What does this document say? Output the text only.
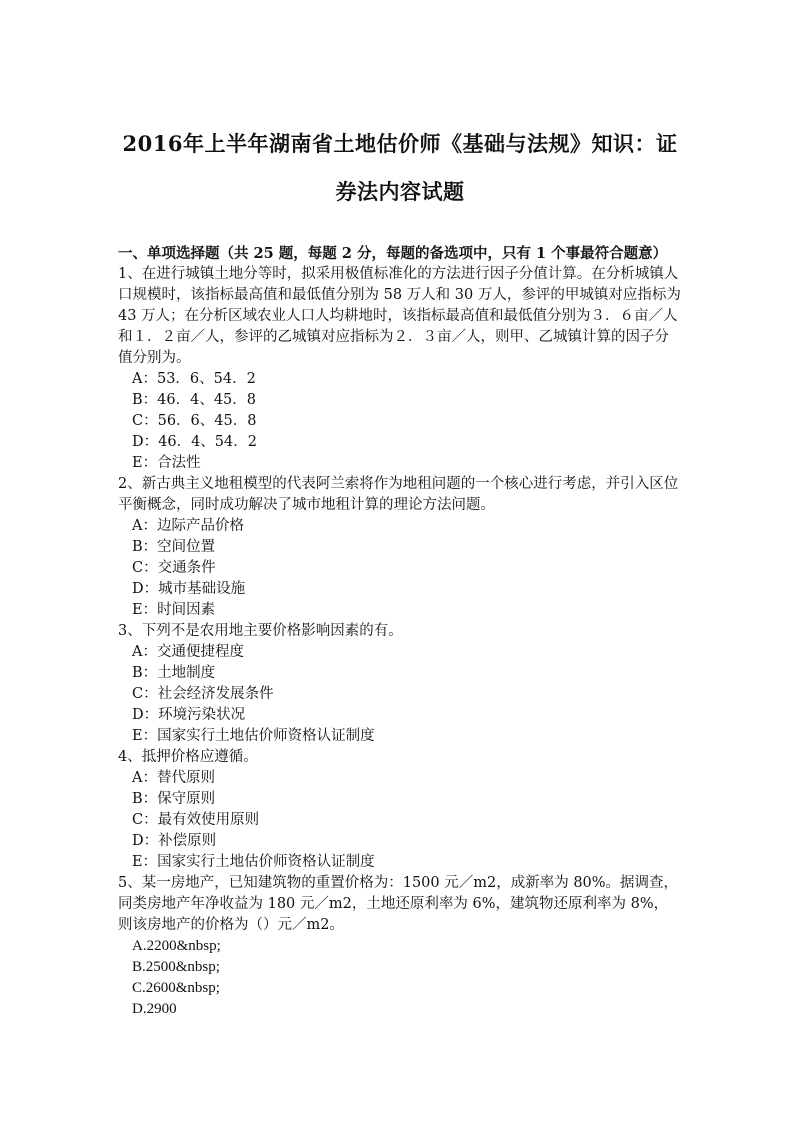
2016年上半年湖南省土地估价师《基础与法规》知识：证
券法内容试题
一、单项选择题（共 25 题，每题 2 分，每题的备选项中，只有 1 个事最符合题意）
1、在进行城镇土地分等时，拟采用极值标准化的方法进行因子分值计算。在分析城镇人口规模时，该指标最高值和最低值分别为 58 万人和 30 万人，参评的甲城镇对应指标为 43 万人；在分析区域农业人口人均耕地时，该指标最高值和最低值分别为３．６亩／人和１．２亩／人，参评的乙城镇对应指标为２．３亩／人，则甲、乙城镇计算的因子分值分别为。
A：53．6、54．2
B：46．4、45．8
C：56．6、45．8
D：46．4、54．2
E：合法性
2、新古典主义地租模型的代表阿兰索将作为地租问题的一个核心进行考虑，并引入区位平衡概念，同时成功解决了城市地租计算的理论方法问题。
A：边际产品价格
B：空间位置
C：交通条件
D：城市基础设施
E：时间因素
3、下列不是农用地主要价格影响因素的有。
A：交通便捷程度
B：土地制度
C：社会经济发展条件
D：环境污染状况
E：国家实行土地估价师资格认证制度
4、抵押价格应遵循。
A：替代原则
B：保守原则
C：最有效使用原则
D：补偿原则
E：国家实行土地估价师资格认证制度
5、某一房地产，已知建筑物的重置价格为：1500 元／m2，成新率为 80%。据调查，同类房地产年净收益为 180 元／m2，土地还原利率为 6%，建筑物还原利率为 8%，则该房地产的价格为（）元／m2。
A.2200&nbsp;
B.2500&nbsp;
C.2600&nbsp;
D.2900
